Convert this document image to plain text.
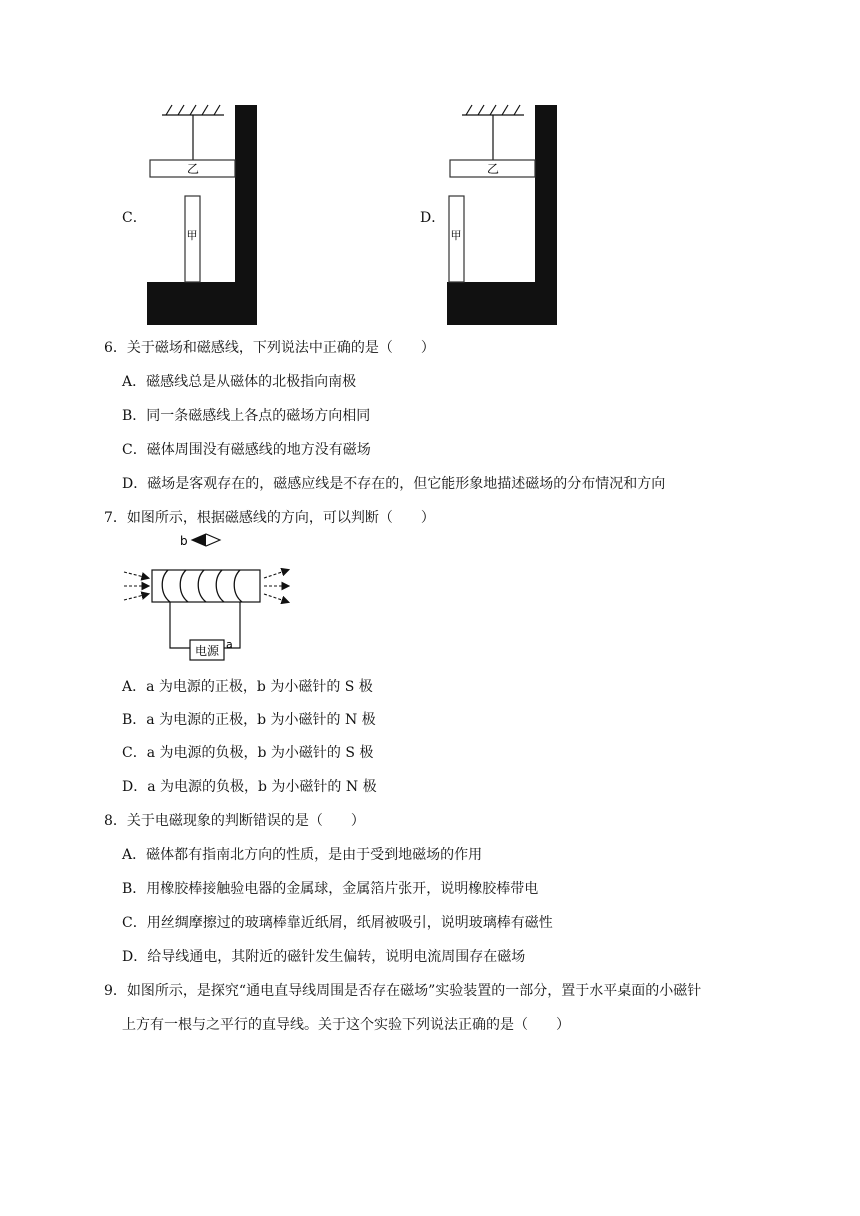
C．
乙
甲
D．
乙
甲
6．关于磁场和磁感线，下列说法中正确的是（　　）
A．磁感线总是从磁体的北极指向南极
B．同一条磁感线上各点的磁场方向相同
C．磁体周围没有磁感线的地方没有磁场
D．磁场是客观存在的，磁感应线是不存在的，但它能形象地描述磁场的分布情况和方向
7．如图所示，根据磁感线的方向，可以判断（　　）
b
电源 a
A．a 为电源的正极，b 为小磁针的 S 极
B．a 为电源的正极，b 为小磁针的 N 极
C．a 为电源的负极，b 为小磁针的 S 极
D．a 为电源的负极，b 为小磁针的 N 极
8．关于电磁现象的判断错误的是（　　）
A．磁体都有指南北方向的性质，是由于受到地磁场的作用
B．用橡胶棒接触验电器的金属球，金属箔片张开，说明橡胶棒带电
C．用丝绸摩擦过的玻璃棒靠近纸屑，纸屑被吸引，说明玻璃棒有磁性
D．给导线通电，其附近的磁针发生偏转，说明电流周围存在磁场
9．如图所示，是探究“通电直导线周围是否存在磁场”实验装置的一部分，置于水平桌面的小磁针
上方有一根与之平行的直导线。关于这个实验下列说法正确的是（　　）
